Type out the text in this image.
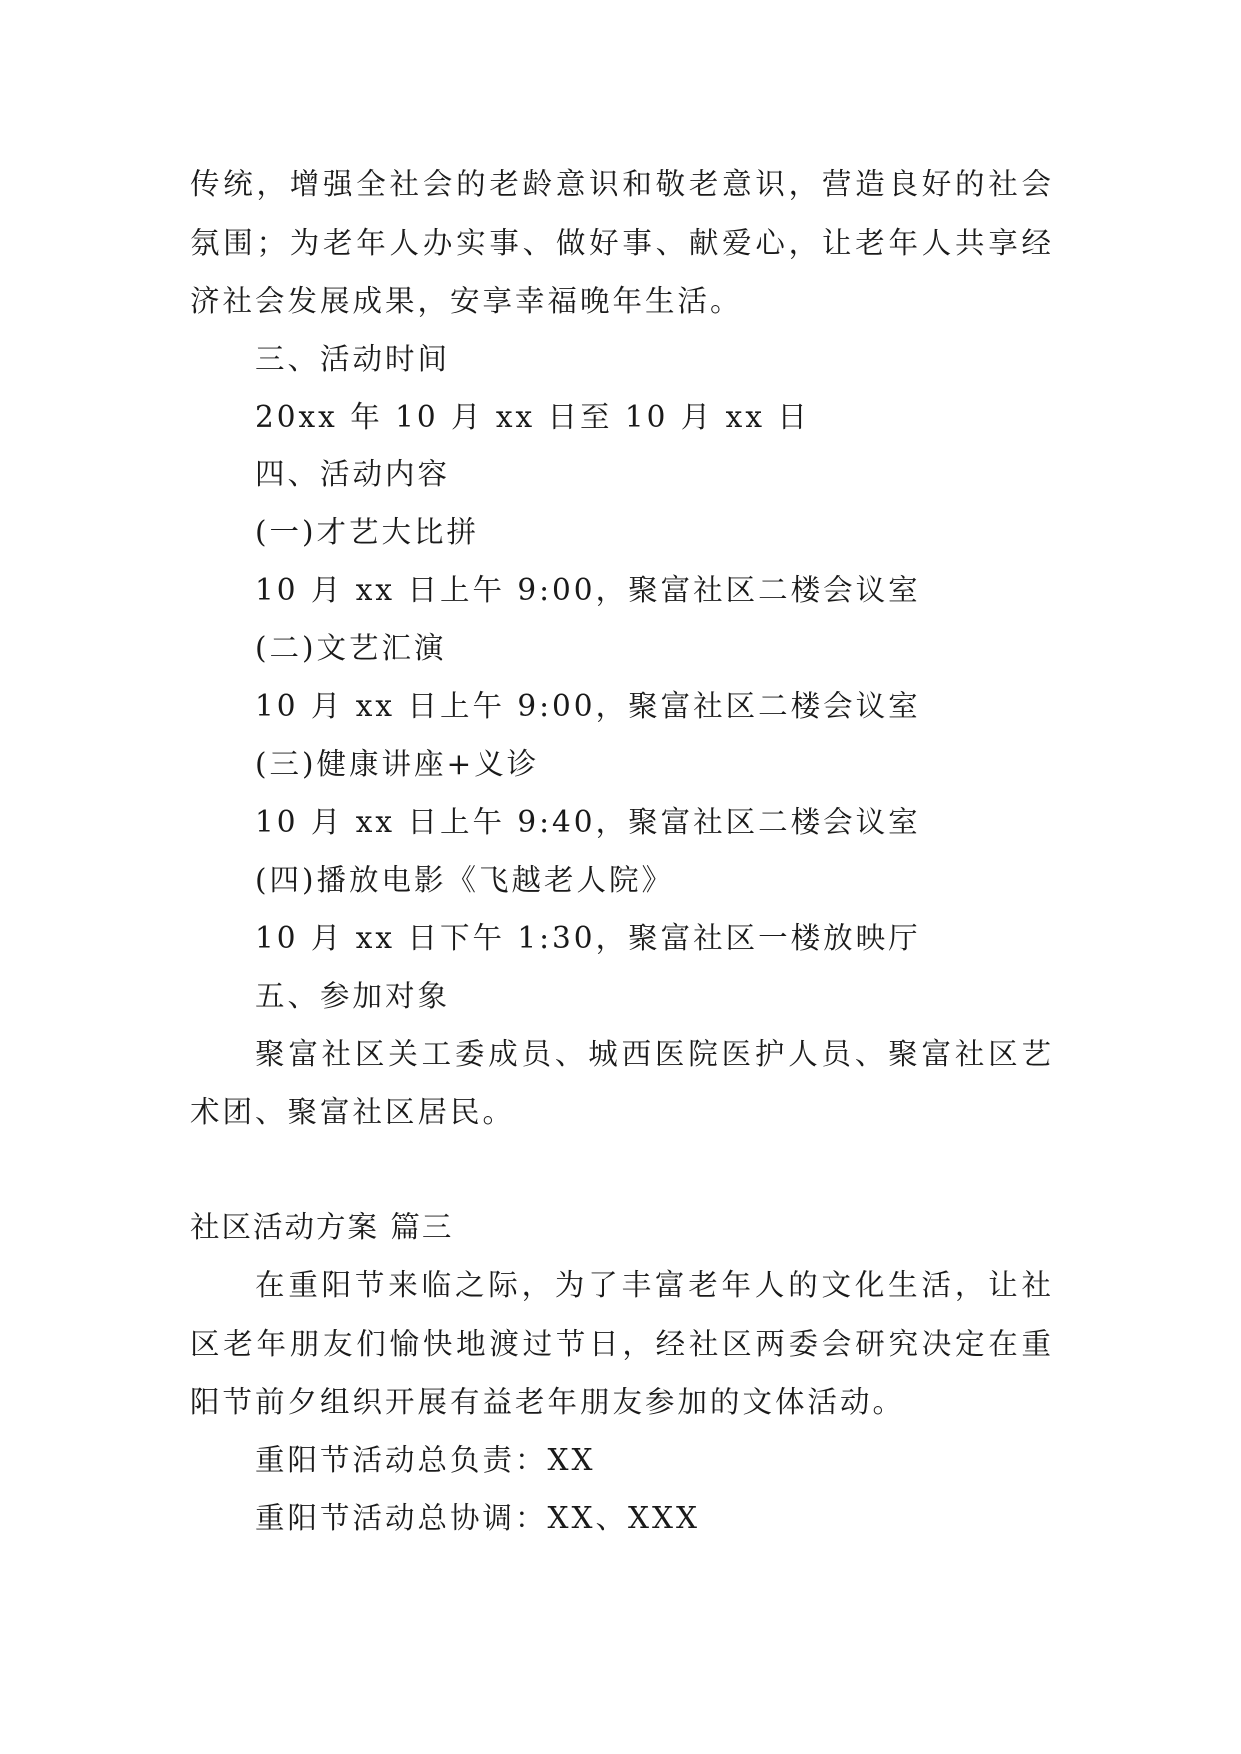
传统，增强全社会的老龄意识和敬老意识，营造良好的社会
氛围；为老年人办实事、做好事、献爱心，让老年人共享经
济社会发展成果，安享幸福晚年生活。
三、活动时间
20xx 年 10 月 xx 日至 10 月 xx 日
四、活动内容
(一)才艺大比拼
10 月 xx 日上午 9:00，聚富社区二楼会议室
(二)文艺汇演
10 月 xx 日上午 9:00，聚富社区二楼会议室
(三)健康讲座+义诊
10 月 xx 日上午 9:40，聚富社区二楼会议室
(四)播放电影《飞越老人院》
10 月 xx 日下午 1:30，聚富社区一楼放映厅
五、参加对象
聚富社区关工委成员、城西医院医护人员、聚富社区艺
术团、聚富社区居民。
社区活动方案 篇三
在重阳节来临之际，为了丰富老年人的文化生活，让社
区老年朋友们愉快地渡过节日，经社区两委会研究决定在重
阳节前夕组织开展有益老年朋友参加的文体活动。
重阳节活动总负责：XX
重阳节活动总协调：XX、XXX
